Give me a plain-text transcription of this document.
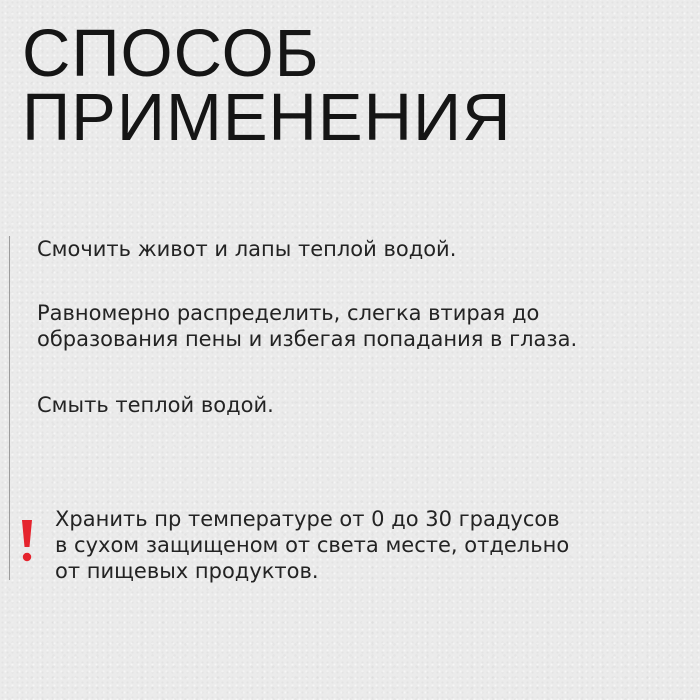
СПОСОБ
ПРИМЕНЕНИЯ

Смочить живот и лапы теплой водой.

Равномерно распределить, слегка втирая до
образования пены и избегая попадания в глаза.

Смыть теплой водой.

Хранить пр температуре от 0 до 30 градусов
в сухом защищеном от света месте, отдельно
от пищевых продуктов.
